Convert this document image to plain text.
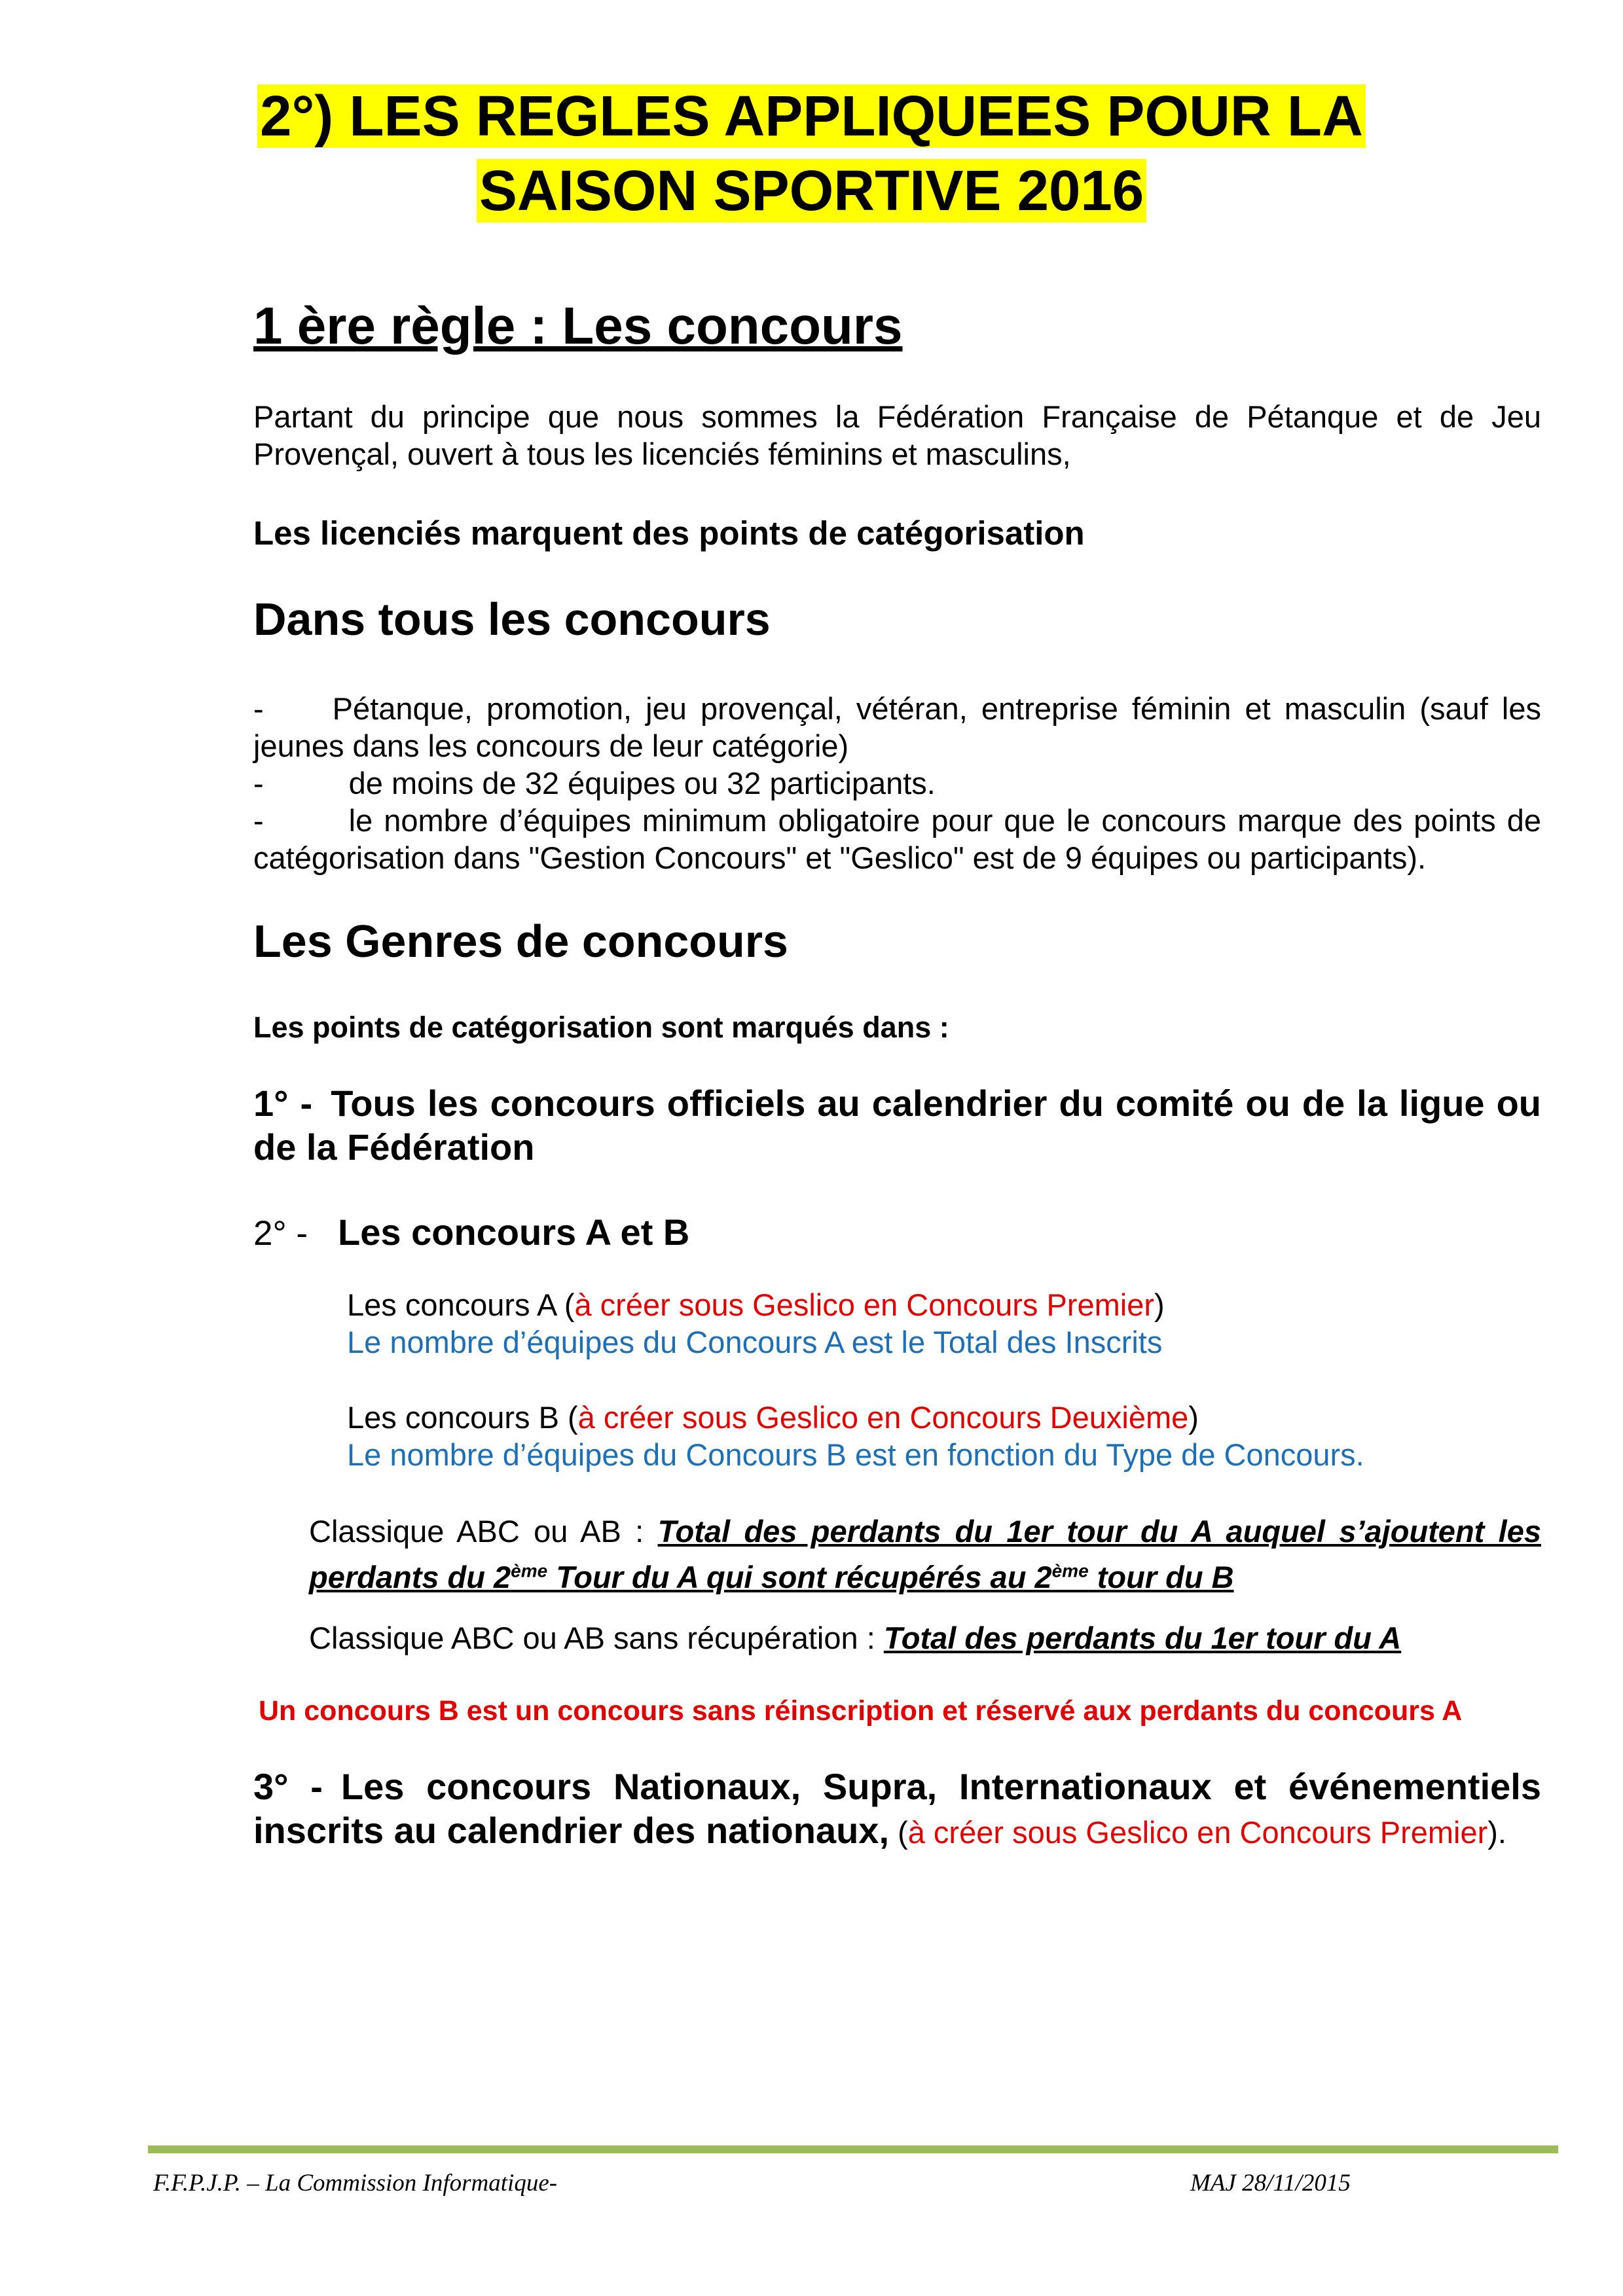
2°) LES REGLES APPLIQUEES POUR LA
SAISON SPORTIVE 2016
1 ère règle : Les concours
Partant du principe que nous sommes la Fédération Française de Pétanque et de Jeu Provençal, ouvert à tous les licenciés féminins et masculins,
Les licenciés marquent des points de catégorisation
Dans tous les concours
- Pétanque, promotion, jeu provençal, vétéran, entreprise féminin et masculin (sauf les jeunes dans les concours de leur catégorie)
-	de moins de 32 équipes ou 32 participants.
-	le nombre d’équipes minimum obligatoire pour que le concours marque des points de catégorisation dans "Gestion Concours" et "Geslico" est de 9 équipes ou participants).
Les Genres de concours
Les points de catégorisation sont marqués dans :
1° - Tous les concours officiels au calendrier du comité ou de la ligue ou de la Fédération
2° - Les concours A et B
Les concours A (à créer sous Geslico en Concours Premier)
Le nombre d’équipes du Concours A est le Total des Inscrits
Les concours B (à créer sous Geslico en Concours Deuxième)
Le nombre d’équipes du Concours B est en fonction du Type de Concours.
Classique ABC ou AB : Total des perdants du 1er tour du A auquel s’ajoutent les perdants du 2ème Tour du A qui sont récupérés au 2ème tour du B
Classique ABC ou AB sans récupération : Total des perdants du 1er tour du A
Un concours B est un concours sans réinscription et réservé aux perdants du concours A
3° - Les concours Nationaux, Supra, Internationaux et événementiels inscrits au calendrier des nationaux, (à créer sous Geslico en Concours Premier).
F.F.P.J.P. – La Commission Informatique-	MAJ 28/11/2015
